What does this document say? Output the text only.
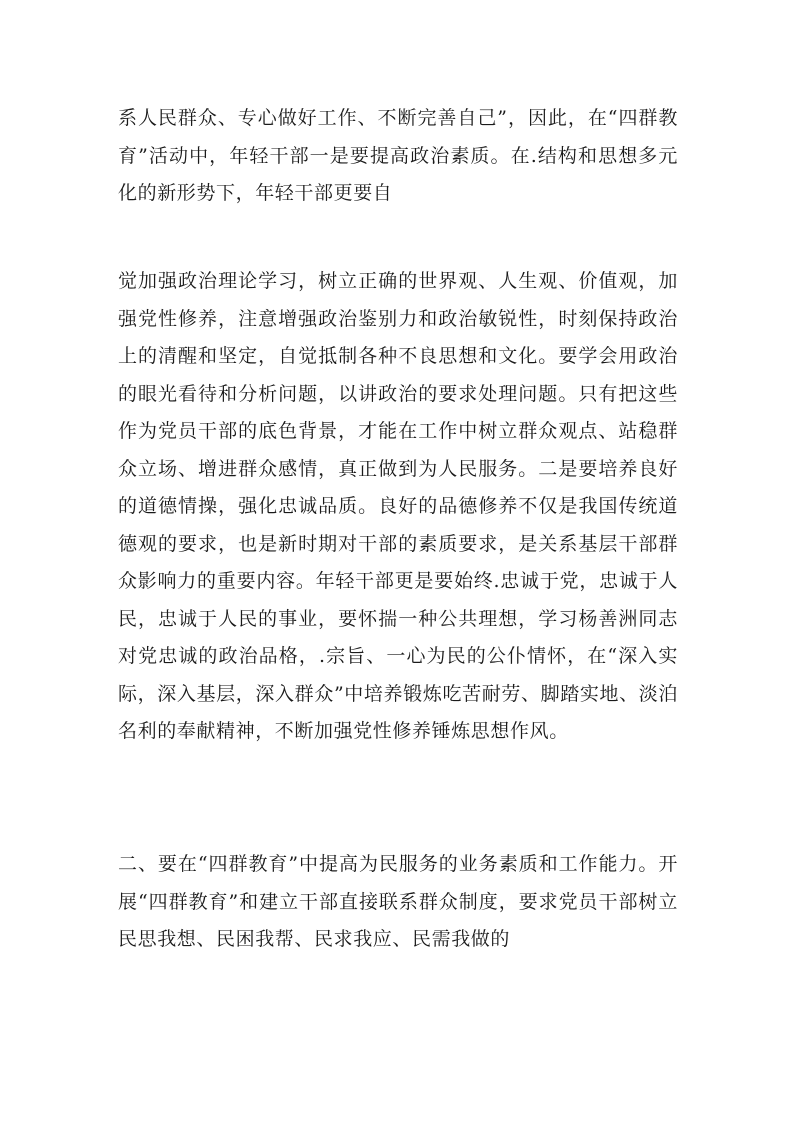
系人民群众、专心做好工作、不断完善自己”，因此，在“四群教育”活动中，年轻干部一是要提高政治素质。在.结构和思想多元化的新形势下，年轻干部更要自

觉加强政治理论学习，树立正确的世界观、人生观、价值观，加强党性修养，注意增强政治鉴别力和政治敏锐性，时刻保持政治上的清醒和坚定，自觉抵制各种不良思想和文化。要学会用政治的眼光看待和分析问题，以讲政治的要求处理问题。只有把这些作为党员干部的底色背景，才能在工作中树立群众观点、站稳群众立场、增进群众感情，真正做到为人民服务。二是要培养良好的道德情操，强化忠诚品质。良好的品德修养不仅是我国传统道德观的要求，也是新时期对干部的素质要求，是关系基层干部群众影响力的重要内容。年轻干部更是要始终.忠诚于党，忠诚于人民，忠诚于人民的事业，要怀揣一种公共理想，学习杨善洲同志对党忠诚的政治品格，.宗旨、一心为民的公仆情怀，在“深入实际，深入基层，深入群众”中培养锻炼吃苦耐劳、脚踏实地、淡泊名利的奉献精神，不断加强党性修养锤炼思想作风。

二、要在“四群教育”中提高为民服务的业务素质和工作能力。开展“四群教育”和建立干部直接联系群众制度，要求党员干部树立民思我想、民困我帮、民求我应、民需我做的
